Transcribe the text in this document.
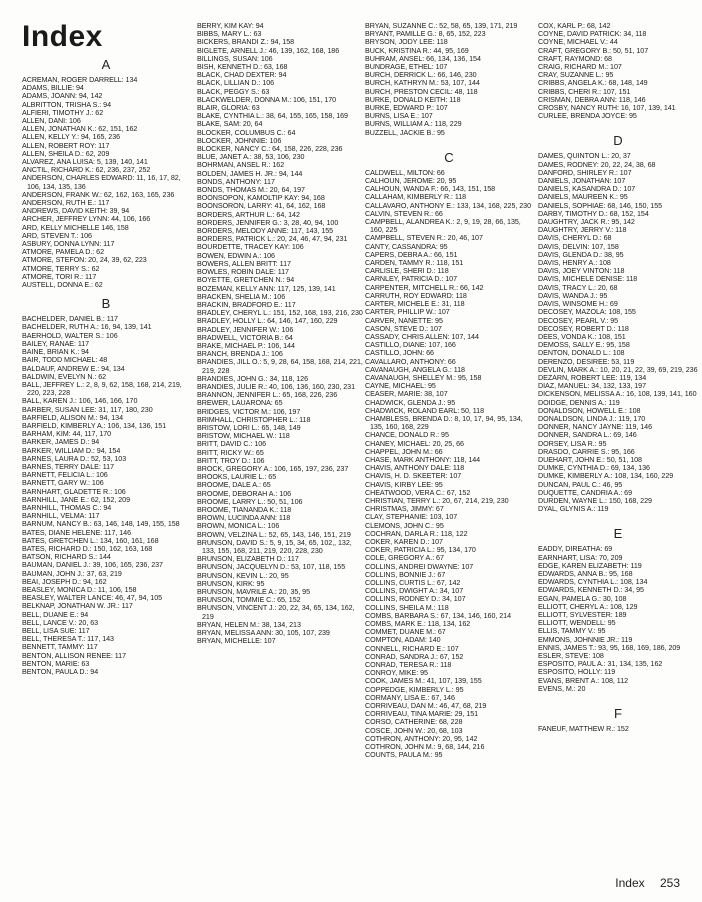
Index
A
ACREMAN, ROGER DARRELL: 134
ADAMS, BILLIE: 94
ADAMS, JOANN: 94, 142
ALBRITTON, TRISHA S.: 94
ALFIERI, TIMOTHY J.: 62
ALLEN, DANI: 106
ALLEN, JONATHAN K.: 62, 151, 162
ALLEN, KELLY Y.: 94, 165, 236
ALLEN, ROBERT ROY: 117
ALLEN, SHEILA D.: 62, 209
ALVAREZ, ANA LUISA: 5, 139, 140, 141
ANCTIL, RICHARD K.: 62, 236, 237, 252
ANDERSON, CHARLES EDWARD: 11, 16, 17, 82, 106, 134, 135, 136
ANDERSON, FRANK W.: 62, 162, 163, 165, 236
ANDERSON, RUTH E.: 117
ANDREWS, DAVID KEITH: 39, 94
ARCHER, JEFFREY LYNN: 44, 106, 166
ARD, KELLY MICHELLE 146, 158
ARD, STEVEN T.: 106
ASBURY, DONNA LYNN: 117
ATMORE, PAMELA D.: 62
ATMORE, STEFON: 20, 24, 39, 62, 223
ATMORE, TERRY S.: 62
ATMORE, TORI R.: 117
AUSTELL, DONNA E.: 62
B
BACHELDER, DANIEL B.: 117
BACHELDER, RUTH A.: 16, 94, 139, 141
BAERHOLD, WALTER S.: 106
BAILEY, RANAE: 117
BAINE, BRIAN K.: 94
BAIR, TODD MICHAEL: 48
BALDAUF, ANDREW E.: 94, 134
BALDWIN, EVELYN N.: 62
BALL, JEFFREY L.: 2, 8, 9, 62, 158, 168, 214, 219, 220, 223, 228
BALL, KAREN J.: 106, 146, 166, 170
BARBER, SUSAN LEE: 31, 117, 180, 230
BARFIELD, ALISON M.: 94, 134
BARFIELD, KIMBERLY A.: 106, 134, 136, 151
BARHAM, KIM: 44, 117, 170
BARKER, JAMES D.: 94
BARKER, WILLIAM D.: 94, 154
BARNES, LAURA D.: 52, 53, 103
BARNES, TERRY DALE: 117
BARNETT, FELICIA L.: 106
BARNETT, GARY W.: 106
BARNHART, GLADETTE R.: 106
BARNHILL, JANE E.: 62, 152, 209
BARNHILL, THOMAS C.: 94
BARNHILL, VELMA: 117
BARNUM, NANCY B.: 63, 146, 148, 149, 155, 158
BATES, DIANE HELENE: 117, 146
BATES, GRETCHEN L.: 134, 160, 161, 168
BATES, RICHARD D.: 150, 162, 163, 168
BATSON, RICHARD S.: 144
BAUMAN, DANIEL J.: 39, 106, 165, 236, 237
BAUMAN, JOHN J.: 37, 63, 219
BEAI, JOSEPH D.: 94, 162
BEASLEY, MONICA D.: 11, 106, 158
BEASLEY, WALTER LANCE: 46, 47, 94, 105
BELKNAP, JONATHAN W. JR.: 117
BELL, DUANE E.: 94
BELL, LANCE V.: 20, 63
BELL, LISA SUE: 117
BELL, THERESA T.: 117, 143
BENNETT, TAMMY: 117
BENTON, ALLISON RENEE: 117
BENTON, MARIE: 63
BENTON, PAULA D.: 94
BERRY, KIM KAY: 94
BIBBS, MARY L.: 63
BICKERS, BRANDI Z.: 94, 158
BIGLETE, ARNELL J.: 46, 139, 162, 168, 186
BILLINGS, SUSAN: 106
BISH, KENNETH D.: 63, 168
BLACK, CHAD DEXTER: 94
BLACK, LILLIAN D.: 106
BLACK, PEGGY S.: 63
BLACKWELDER, DONNA M.: 106, 151, 170
BLAIR, GLORIA: 63
BLAKE, CYNTHIA L.: 38, 64, 155, 165, 158, 169
BLAKE, SAM: 20, 64
BLOCKER, COLUMBUS C.: 64
BLOCKER, JOHNNIE: 106
BLOCKER, NANCY C.: 64, 158, 226, 228, 236
BLUE, JANET A.: 38, 53, 106, 230
BOHRMAN, ANSEL R.: 162
BOLDEN, JAMES H. JR.: 94, 144
BONDS, ANTHONY: 117
BONDS, THOMAS M.: 20, 64, 197
BOONSOPON, KAMOLTIP KAY: 94, 168
BOONSORON, LARRY: 41, 64, 162, 168
BORDERS, ARTHUR L.: 64, 142
BORDERS, JENNIFER G.: 3, 28, 40, 94, 100
BORDERS, MELODY ANNE: 117, 143, 155
BORDERS, PATRICK L.: 20, 24, 46, 47, 94, 231
BOURDETTE, TRACEY KAY: 106
BOWEN, EDWIN A.: 106
BOWERS, ALLEN BRITT: 117
BOWLES, ROBIN DALE: 117
BOYETTE, GRETCHEN N.: 94
BOZEMAN, KELLY ANN: 117, 125, 139, 141
BRACKEN, SHELIA M.: 106
BRACKIN, BRADFORD E.: 117
BRADLEY, CHERYL L.: 151, 152, 168, 193, 216, 230
BRADLEY, HOLLY L.: 64, 146, 147, 160, 229
BRADLEY, JENNIFER W.: 106
BRADWELL, VICTORIA B.: 64
BRAKE, MICHAEL P.: 106, 144
BRANCH, BRENDA J.: 106
BRANDIES, JILL O.: 5, 9, 28, 64, 158, 168, 214, 221, 219, 228
BRANDIES, JOHN G.: 34, 118, 126
BRANDIES, JULIE R.: 40, 106, 136, 160, 230, 231
BRANNON, JENNIFER L.: 65, 168, 226, 236
BREWER, LAUARONA: 65
BRIDGES, VICTOR M.: 106, 197
BRIMHALL, CHRISTOPHER L.: 118
BRISTOW, LORI L.: 65, 148, 149
BRISTOW, MICHAEL W.: 118
BRITT, DAVID C.: 106
BRITT, RICKY W.: 65
BRITT, TROY D.: 106
BROCK, GREGORY A.: 106, 165, 197, 236, 237
BROOKS, LAURIE L.: 65
BROOME, DALE A.: 65
BROOME, DEBORAH A.: 106
BROOME, LARRY L.: 50, 51, 106
BROOME, TIANANDA K.: 118
BROWN, LUCINDA ANN: 118
BROWN, MONICA L.: 106
BROWN, VELZINA L.: 52, 65, 143, 146, 151, 219
BRUNSON, DAVID S.: 5, 9, 15, 34, 65, 102,, 132, 133, 155, 168, 211, 219, 220, 228, 230
BRUNSON, ELIZABETH D.: 117
BRUNSON, JACQUELYN D.: 53, 107, 118, 155
BRUNSON, KEVIN L.: 20, 95
BRUNSON, KIRK: 95
BRUNSON, MAVRILE A.: 20, 35, 95
BRUNSON, TOMMIE C.: 65, 152
BRUNSON, VINCENT J.: 20, 22, 34, 65, 134, 162, 219
BRYAN, HELEN M.: 38, 134, 213
BRYAN, MELISSA ANN: 30, 105, 107, 239
BRYAN, MICHELLE: 107
BRYAN, SUZANNE C.: 52, 58, 65, 139, 171, 219
BRYANT, PAMILLE G.: 8, 65, 152, 223
BRYSON, JODY LEE: 118
BUCK, KRISTINA R.: 44, 95, 169
BUHRAM, ANSEL: 66, 134, 136, 154
BUNDRAGE, ETHEL: 107
BURCH, DERRICK L.: 66, 146, 230
BURCH, KATHRYN M.: 53, 107, 144
BURCH, PRESTON CECIL: 48, 118
BURKE, DONALD KEITH: 118
BURKE, EDWARD P.: 107
BURNS, LISA E.: 107
BURNS, WILLIAM A.: 118, 229
BUZZELL, JACKIE B.: 95
C
CALDWELL, MILTON: 66
CALHOUN, JEROME: 20, 95
CALHOUN, WANDA F.: 66, 143, 151, 158
CALLAHAM, KIMBERLY R.: 118
CALLAVARO, ANTHONY E.: 133, 134, 168, 225, 230
CALVIN, STEVEN R.: 66
CAMPBELL, ALANDREA K.: 2, 9, 19, 28, 66, 135, 160, 225
CAMPBELL, STEVEN R.: 20, 46, 107
CANTY, CASSANDRA: 95
CAPERS, DEBRA A.: 66, 151
CARDEN, TAMMY R.: 118, 151
CARLISLE, SHERI D.: 118
CARNLEY, PATRICIA D.: 107
CARPENTER, MITCHELL R.: 66, 142
CARRUTH, ROY EDWARD: 118
CARTER, MICHELE E.: 31, 118
CARTER, PHILLIP W.: 107
CARVER, NANETTE: 95
CASON, STEVE D.: 107
CASSADY, CHRIS ALLEN: 107, 144
CASTILLO, DIANE: 107, 166
CASTILLO, JOHN: 66
CAVALLARO, ANTHONY: 66
CAVANAUGH, ANGELA G.: 118
CAVANAUGH, SHELLEY M.: 95, 158
CAYNE, MICHAEL: 95
CEASER, MARIE: 38, 107
CHADWICK, GLENDA J.: 95
CHADWICK, ROLAND EARL: 50, 118
CHAMBLESS, BRENDA D.: 8, 10, 17, 94, 95, 134, 135, 160, 168, 229
CHANCE, DONALD R.: 95
CHANEY, MICHAEL: 20, 25, 66
CHAPPEL, JOHN M.: 66
CHASE, MARK ANTHONY: 118, 144
CHAVIS, ANTHONY DALE: 118
CHAVIS, H. D. SKEETER: 107
CHAVIS, KIRBY LEE: 95
CHEATWOOD, VERA C.: 67, 152
CHRISTIAN, TERRY L.: 20, 67, 214, 219, 230
CHRISTMAS, JIMMY: 67
CLAY, STEPHANIE: 103, 107
CLEMONS, JOHN C.: 95
COCHRAN, DARLA R.: 118, 122
COKER, KAREN D.: 107
COKER, PATRICIA L.: 95, 134, 170
COLE, GREGORY A.: 67
COLLINS, ANDREI DWAYNE: 107
COLLINS, BONNIE J.: 67
COLLINS, CURTIS L.: 67, 142
COLLINS, DWIGHT A.: 34, 107
COLLINS, RODNEY D.: 34, 107
COLLINS, SHEILA M.: 118
COMBS, BARBARA S.: 67, 134, 146, 160, 214
COMBS, MARK E.: 118, 134, 162
COMMET, DUANE M.: 67
COMPTON, ADAM: 140
CONNELL, RICHARD E.: 107
CONRAD, SANDRA J.: 67, 152
CONRAD, TERESA R.: 118
CONROY, MIKE: 95
COOK, JAMES M.: 41, 107, 139, 155
COPPEDGE, KIMBERLY L.: 95
CORMANY, LISA E.: 67, 146
CORRIVEAU, DAN M.: 46, 47, 68, 219
CORRIVEAU, TINA MARIE: 29, 151
CORSO, CATHERINE: 68, 228
COSCE, JOHN W.: 20, 68, 103
COTHRON, ANTHONY: 20, 95, 142
COTHRON, JOHN M.: 9, 68, 144, 216
COUNTS, PAULA M.: 95
COX, KARL P.: 68, 142
COYNE, DAVID PATRICK: 34, 118
COYNE, MICHAEL V.: 44
CRAFT, GREGORY B.: 50, 51, 107
CRAFT, RAYMOND: 68
CRAIG, RICHARD M.: 107
CRAY, SUZANNE L.: 95
CRIBBS, ANGELA K.: 68, 148, 149
CRIBBS, CHERI R.: 107, 151
CRISMAN, DEBRA ANN: 118, 146
CROSBY, NANCY RUTH: 16, 107, 139, 141
CURLEE, BRENDA JOYCE: 95
D
DAMES, QUINTON L.: 20, 37
DAMES, RODNEY: 20, 22, 24, 38, 68
DANFORD, SHIRLEY R.: 107
DANIELS, JONATHAN: 107
DANIELS, KASANDRA D.: 107
DANIELS, MAUREEN K.: 95
DANIELS, SOPHIAE: 68, 146, 150, 155
DARBY, TIMOTHY D.: 68, 152, 154
DAUGHTRY, JACK R.: 95, 142
DAUGHTRY, JERRY V.: 118
DAVIS, CHERYL D.: 68
DAVIS, DELVIN: 107, 158
DAVIS, GLENDA D.: 38, 95
DAVIS, HENRY A.: 108
DAVIS, JOEY VINTON: 118
DAVIS, MICHELE DENISE: 118
DAVIS, TRACY L.: 20, 68
DAVIS, WANDA J.: 95
DAVIS, WINSOME H.: 69
DECOSEY, MAZOLA: 108, 155
DECOSEY, PEARL V.: 95
DECOSEY, ROBERT D.: 118
DEES, VONDA K.: 108, 151
DEMOSS, SALLY E.: 95, 158
DENTON, DONALD L.: 108
DERENZO, DESIREE: 53, 119
DEVLIN, MARK A.: 10, 20, 21, 22, 39, 69, 219, 236
DEZARN, ROBERT LEE: 119, 134
DIAZ, MANUEL: 34, 132, 133, 197
DICKENSON, MELISSA A.: 16, 108, 139, 141, 160
DOIDGE, DENNIS A.: 119
DONALDSON, HOWELL E.: 108
DONALDSON, LINDA J.: 119, 170
DONNER, NANCY JAYNE: 119, 146
DONNER, SANDRA L.: 69, 146
DORSEY, LISA R.: 95
DRASDO, CARRIE S.: 95, 166
DUEHART, JOHN E.: 50, 51, 108
DUMKE, CYNTHIA D.: 69, 134, 136
DUMKE, KIMBERLY A.: 108, 134, 160, 229
DUNCAN, PAUL C.: 46, 95
DUQUETTE, CANDRIA A.: 69
DURDEN, WAYNE L.: 150, 168, 229
DYAL, GLYNIS A.: 119
E
EADDY, DIREATHA: 69
EARNHART, LISA: 70, 209
EDGE, KAREN ELIZABETH: 119
EDWARDS, ANNA B.: 95, 168
EDWARDS, CYNTHIA L.: 108, 134
EDWARDS, KENNETH D.: 34, 95
EGAN, PAMELA G.: 30, 108
ELLIOTT, CHERYL A.: 108, 129
ELLIOTT, SYLVESTER: 189
ELLIOTT, WENDELL: 95
ELLIS, TAMMY V.: 95
EMMONS, JOHNNIE JR.: 119
ENNIS, JAMES T.: 93, 95, 168, 169, 186, 209
ESLER, STEVE: 108
ESPOSITO, PAUL A.: 31, 134, 135, 162
ESPOSITO, HOLLY: 119
EVANS, BRENT A.: 108, 112
EVENS, M.: 20
F
FANEUF, MATTHEW R.: 152
Index 253
